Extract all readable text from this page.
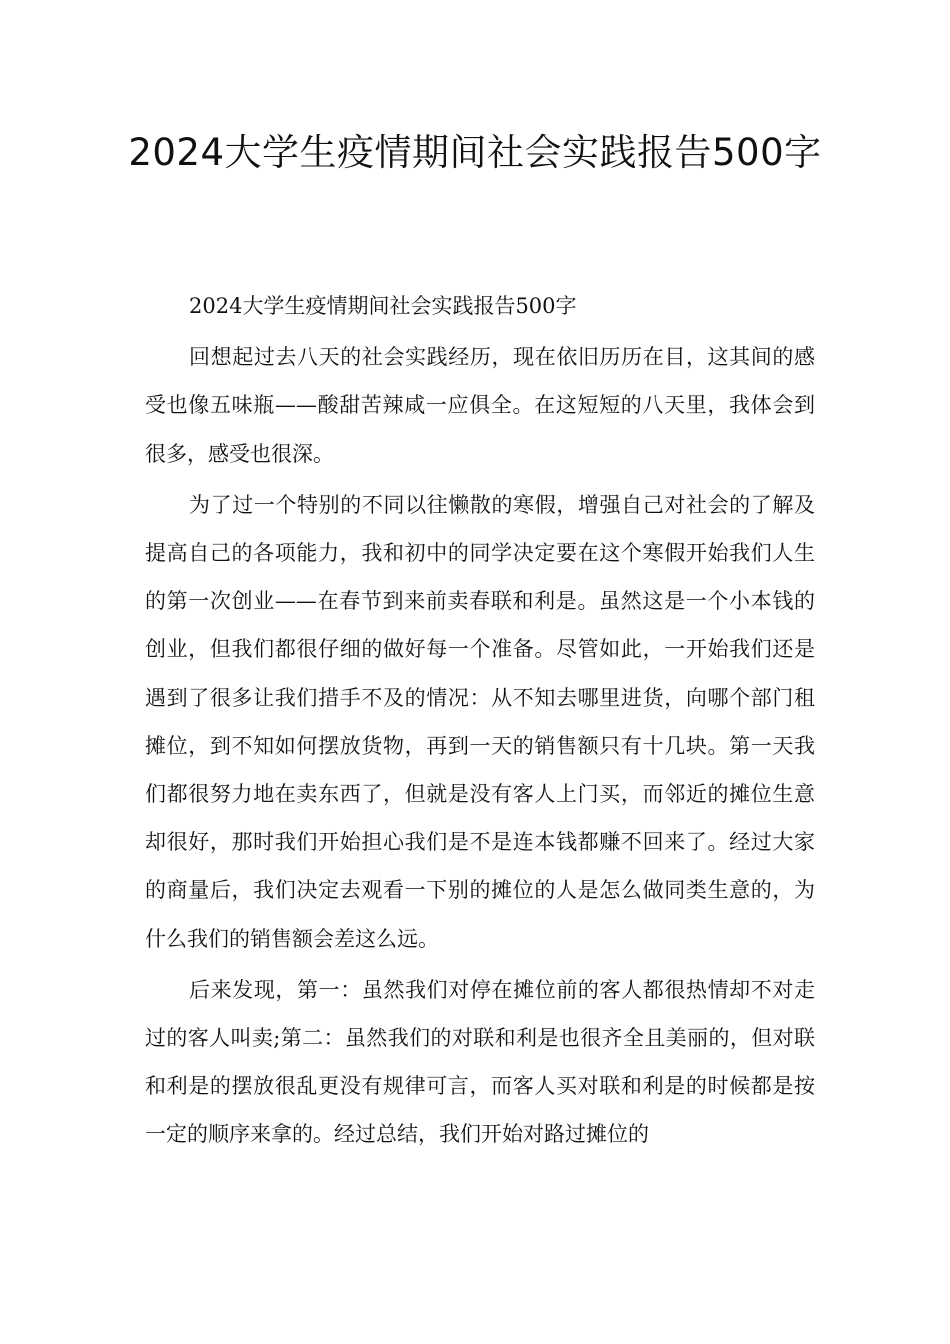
2024大学生疫情期间社会实践报告500字

2024大学生疫情期间社会实践报告500字

回想起过去八天的社会实践经历，现在依旧历历在目，这其间的感受也像五味瓶——酸甜苦辣咸一应俱全。在这短短的八天里，我体会到很多，感受也很深。

为了过一个特别的不同以往懒散的寒假，增强自己对社会的了解及提高自己的各项能力，我和初中的同学决定要在这个寒假开始我们人生的第一次创业——在春节到来前卖春联和利是。虽然这是一个小本钱的创业，但我们都很仔细的做好每一个准备。尽管如此，一开始我们还是遇到了很多让我们措手不及的情况：从不知去哪里进货，向哪个部门租摊位，到不知如何摆放货物，再到一天的销售额只有十几块。第一天我们都很努力地在卖东西了，但就是没有客人上门买，而邻近的摊位生意却很好，那时我们开始担心我们是不是连本钱都赚不回来了。经过大家的商量后，我们决定去观看一下别的摊位的人是怎么做同类生意的，为什么我们的销售额会差这么远。

后来发现，第一：虽然我们对停在摊位前的客人都很热情却不对走过的客人叫卖;第二：虽然我们的对联和利是也很齐全且美丽的，但对联和利是的摆放很乱更没有规律可言，而客人买对联和利是的时候都是按一定的顺序来拿的。经过总结，我们开始对路过摊位的
